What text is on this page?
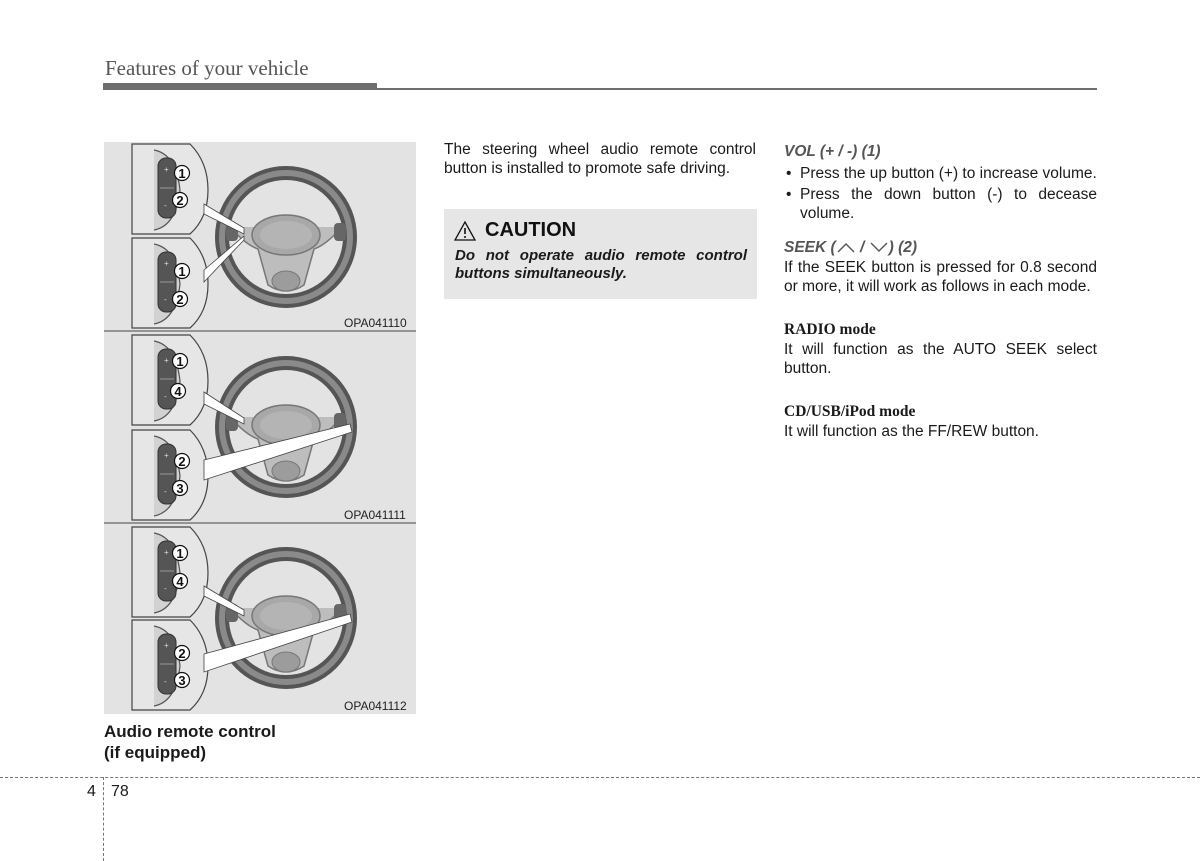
Features of your vehicle
1
2
1
2
OPA041110
1
4
2
3
OPA041111
1
4
2
3
OPA041112
Audio remote control
(if equipped)

The steering wheel audio remote control button is installed to promote safe driving.

CAUTION

Do not operate audio remote control buttons simultaneously.

VOL (+ / -) (1)

• Press the up button (+) to increase volume.
• Press the down button (-) to decease volume.

SEEK ( / ) (2)

If the SEEK button is pressed for 0.8 second or more, it will work as follows in each mode.

RADIO mode

It will function as the AUTO SEEK select button.

CD/USB/iPod mode

It will function as the FF/REW button.

4 78
